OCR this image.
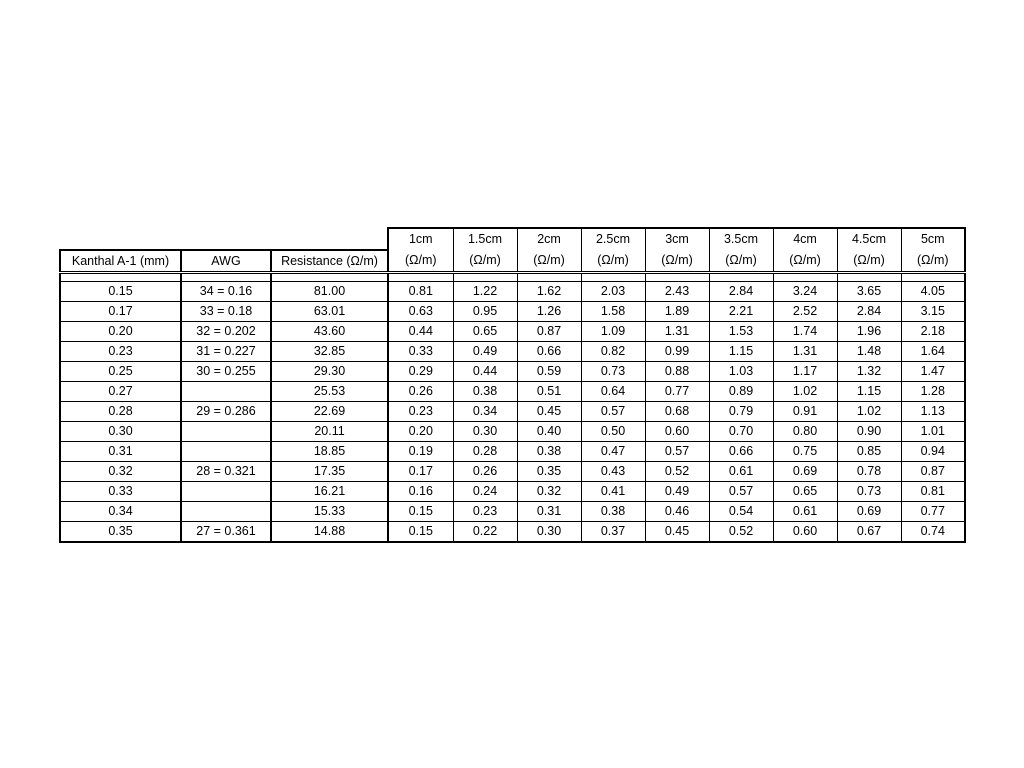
			1cm	1.5cm	2cm	2.5cm	3cm	3.5cm	4cm	4.5cm	5cm
Kanthal A-1 (mm)	AWG	Resistance (Ω/m)	(Ω/m)	(Ω/m)	(Ω/m)	(Ω/m)	(Ω/m)	(Ω/m)	(Ω/m)	(Ω/m)	(Ω/m)

0.15	34 = 0.16	81.00	0.81	1.22	1.62	2.03	2.43	2.84	3.24	3.65	4.05
0.17	33 = 0.18	63.01	0.63	0.95	1.26	1.58	1.89	2.21	2.52	2.84	3.15
0.20	32 = 0.202	43.60	0.44	0.65	0.87	1.09	1.31	1.53	1.74	1.96	2.18
0.23	31 = 0.227	32.85	0.33	0.49	0.66	0.82	0.99	1.15	1.31	1.48	1.64
0.25	30 = 0.255	29.30	0.29	0.44	0.59	0.73	0.88	1.03	1.17	1.32	1.47
0.27		25.53	0.26	0.38	0.51	0.64	0.77	0.89	1.02	1.15	1.28
0.28	29 = 0.286	22.69	0.23	0.34	0.45	0.57	0.68	0.79	0.91	1.02	1.13
0.30		20.11	0.20	0.30	0.40	0.50	0.60	0.70	0.80	0.90	1.01
0.31		18.85	0.19	0.28	0.38	0.47	0.57	0.66	0.75	0.85	0.94
0.32	28 = 0.321	17.35	0.17	0.26	0.35	0.43	0.52	0.61	0.69	0.78	0.87
0.33		16.21	0.16	0.24	0.32	0.41	0.49	0.57	0.65	0.73	0.81
0.34		15.33	0.15	0.23	0.31	0.38	0.46	0.54	0.61	0.69	0.77
0.35	27 = 0.361	14.88	0.15	0.22	0.30	0.37	0.45	0.52	0.60	0.67	0.74
